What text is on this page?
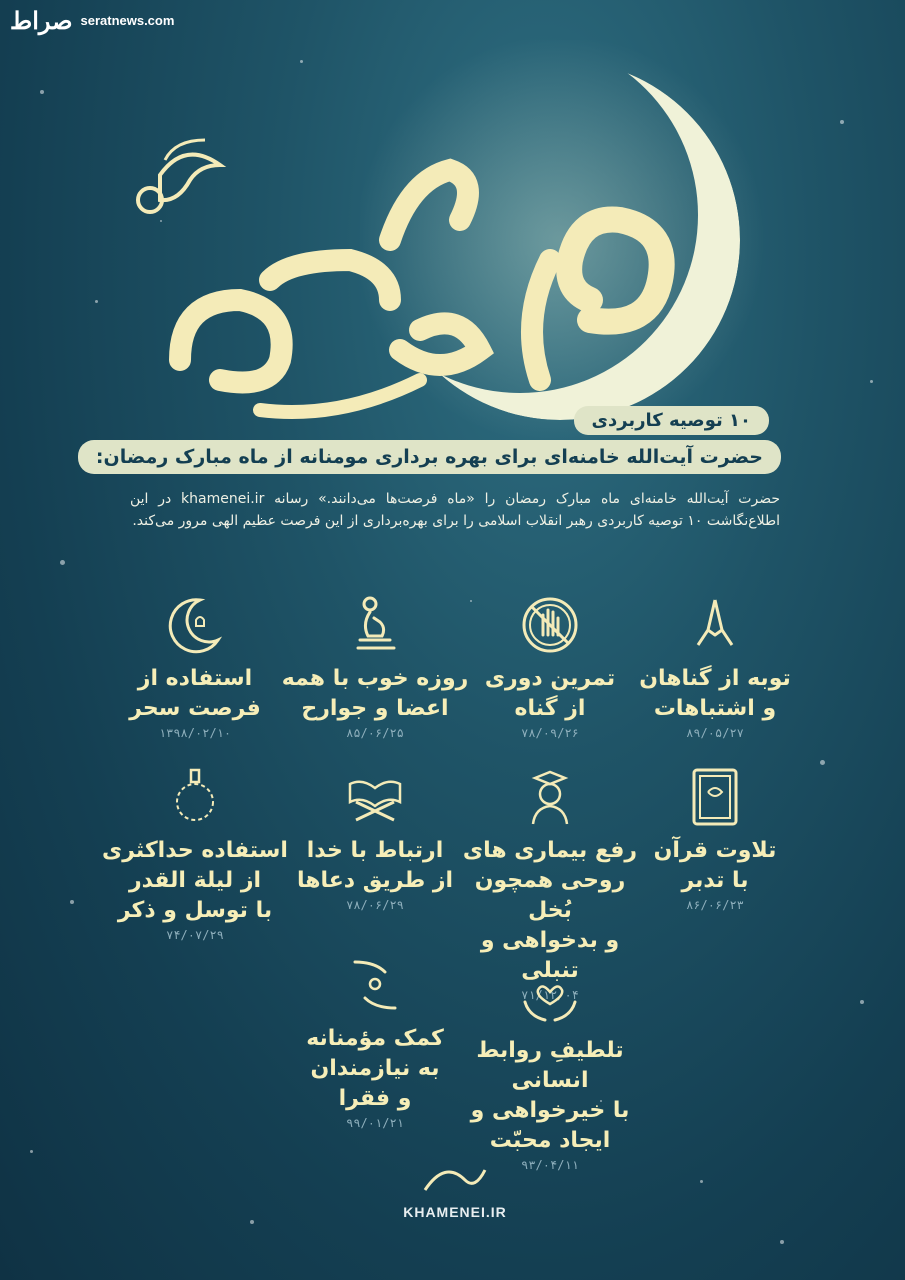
صراط seratnews.com
۱۰ توصیه کاربردی
حضرت آیت‌الله خامنه‌ای برای بهره برداری مومنانه از ماه مبارک رمضان:
حضرت آیت‌الله خامنه‌ای ماه مبارک رمضان را «ماه فرصت‌ها می‌دانند.» رسانه khamenei.ir در این اطلاع‌نگاشت ۱۰ توصیه کاربردی رهبر انقلاب اسلامی را برای بهره‌برداری از این فرصت عظیم الهی مرور می‌کند.
توبه از گناهان
و اشتباهات
۸۹/۰۵/۲۷
تمرین دوری
از گناه
۷۸/۰۹/۲۶
روزه خوب با همه
اعضا و جوارح
۸۵/۰۶/۲۵
استفاده از
فرصت سحر
۱۳۹۸/۰۲/۱۰
تلاوت قرآن
با تدبر
۸۶/۰۶/۲۳
رفع بیماری های
روحی همچون بُخل
و بدخواهی و تنبلی
۷۱/۱۲/۰۴
ارتباط با خدا
از طریق دعاها
۷۸/۰۶/۲۹
استفاده حداکثری
از لیلة القدر
با توسل و ذکر
۷۴/۰۷/۲۹
تلطیفِ روابط انسانی
با خیرخواهی و
ایجاد محبّت
۹۳/۰۴/۱۱
کمک مؤمنانه
به نیازمندان
و فقرا
۹۹/۰۱/۲۱
KHAMENEI.IR
